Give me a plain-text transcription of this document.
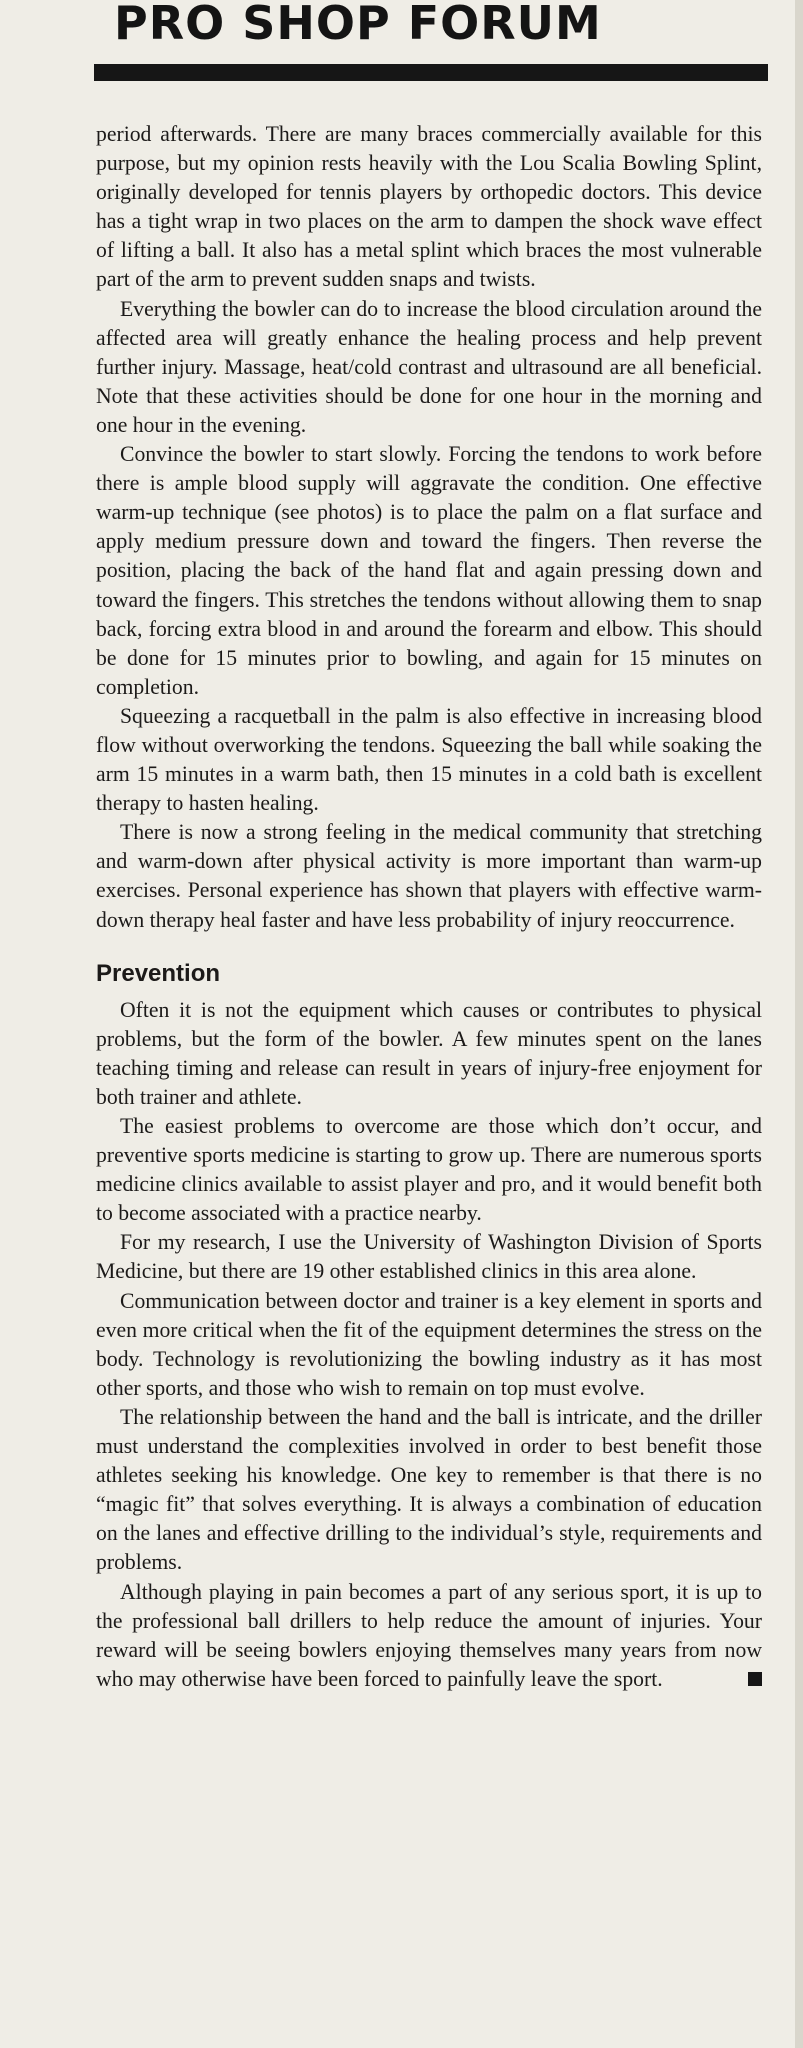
PRO SHOP FORUM

period afterwards. There are many braces commercially available for this purpose, but my opinion rests heavily with the Lou Scalia Bowling Splint, originally developed for tennis players by orthopedic doctors. This device has a tight wrap in two places on the arm to dampen the shock wave effect of lifting a ball. It also has a metal splint which braces the most vulnerable part of the arm to prevent sudden snaps and twists.

Everything the bowler can do to increase the blood circulation around the affected area will greatly enhance the healing process and help prevent further injury. Massage, heat/cold contrast and ultrasound are all beneficial. Note that these activities should be done for one hour in the morning and one hour in the evening.

Convince the bowler to start slowly. Forcing the tendons to work before there is ample blood supply will aggravate the condition. One effective warm-up technique (see photos) is to place the palm on a flat surface and apply medium pressure down and toward the fingers. Then reverse the position, placing the back of the hand flat and again pressing down and toward the fingers. This stretches the tendons without allowing them to snap back, forcing extra blood in and around the forearm and elbow. This should be done for 15 minutes prior to bowling, and again for 15 minutes on completion.

Squeezing a racquetball in the palm is also effective in increasing blood flow without overworking the tendons. Squeezing the ball while soaking the arm 15 minutes in a warm bath, then 15 minutes in a cold bath is excellent therapy to hasten healing.

There is now a strong feeling in the medical community that stretching and warm-down after physical activity is more important than warm-up exercises. Personal experience has shown that players with effective warm-down therapy heal faster and have less probability of injury reoccurrence.

Prevention

Often it is not the equipment which causes or contributes to physical problems, but the form of the bowler. A few minutes spent on the lanes teaching timing and release can result in years of injury-free enjoyment for both trainer and athlete.

The easiest problems to overcome are those which don’t occur, and preventive sports medicine is starting to grow up. There are numerous sports medicine clinics available to assist player and pro, and it would benefit both to become associated with a practice nearby.

For my research, I use the University of Washington Division of Sports Medicine, but there are 19 other established clinics in this area alone.

Communication between doctor and trainer is a key element in sports and even more critical when the fit of the equipment determines the stress on the body. Technology is revolutionizing the bowling industry as it has most other sports, and those who wish to remain on top must evolve.

The relationship between the hand and the ball is intricate, and the driller must understand the complexities involved in order to best benefit those athletes seeking his knowledge. One key to remember is that there is no “magic fit” that solves everything. It is always a combination of education on the lanes and effective drilling to the individual’s style, requirements and problems.

Although playing in pain becomes a part of any serious sport, it is up to the professional ball drillers to help reduce the amount of injuries. Your reward will be seeing bowlers enjoying themselves many years from now who may otherwise have been forced to painfully leave the sport.
